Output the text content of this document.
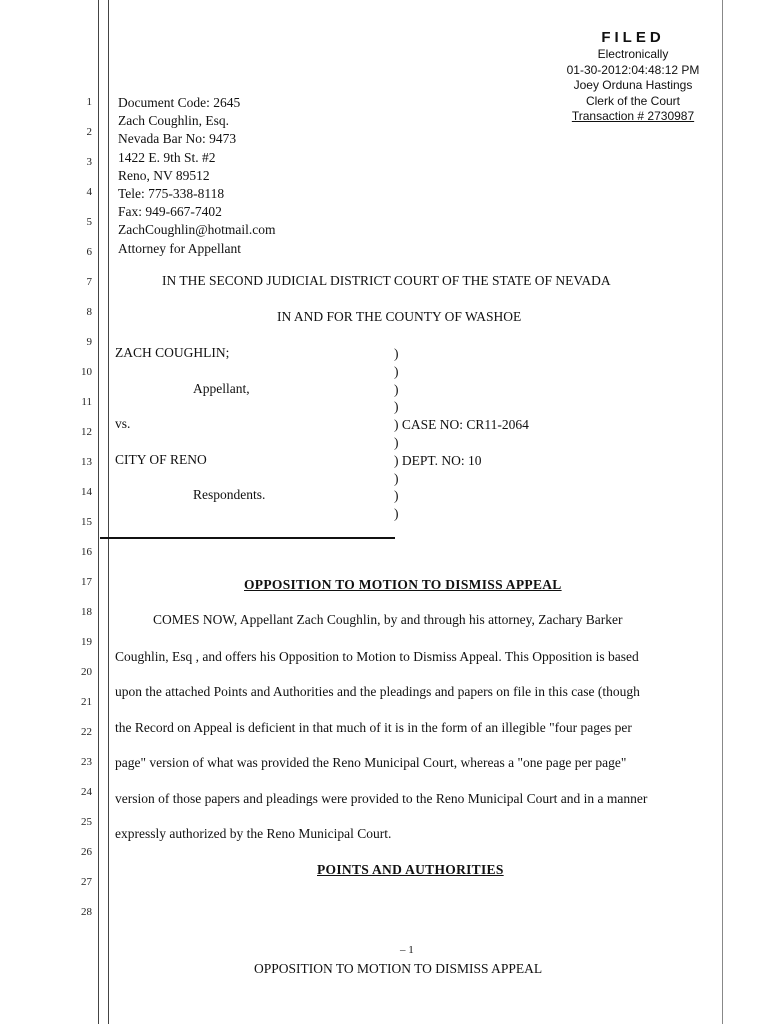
1
2
3
4
5
6
7
8
9
10
11
12
13
14
15
16
17
18
19
20
21
22
23
24
25
26
27
28
FILED
Electronically
01-30-2012:04:48:12 PM
Joey Orduna Hastings
Clerk of the Court
Transaction # 2730987
Document Code: 2645
Zach Coughlin, Esq.
Nevada Bar No: 9473
1422 E. 9th St. #2
Reno, NV 89512
Tele: 775-338-8118
Fax: 949-667-7402
ZachCoughlin@hotmail.com
Attorney for Appellant
IN THE SECOND JUDICIAL DISTRICT COURT OF THE STATE OF NEVADA
IN AND FOR THE COUNTY OF WASHOE
ZACH COUGHLIN;
Appellant,
vs.
CITY OF RENO
Respondents.
)
)
)
)
) CASE NO: CR11-2064
)
) DEPT. NO: 10
)
)
)
OPPOSITION TO MOTION TO DISMISS APPEAL
COMES NOW, Appellant Zach Coughlin, by and through his attorney, Zachary Barker
Coughlin, Esq , and offers his Opposition to Motion to Dismiss Appeal. This Opposition is based
upon the attached Points and Authorities and the pleadings and papers on file in this case (though
the Record on Appeal is deficient in that much of it is in the form of an illegible "four pages per
page" version of what was provided the Reno Municipal Court, whereas a "one page per page"
version of those papers and pleadings were provided to the Reno Municipal Court and in a manner
expressly authorized by the Reno Municipal Court.
POINTS AND AUTHORITIES
– 1
OPPOSITION TO MOTION TO DISMISS APPEAL
